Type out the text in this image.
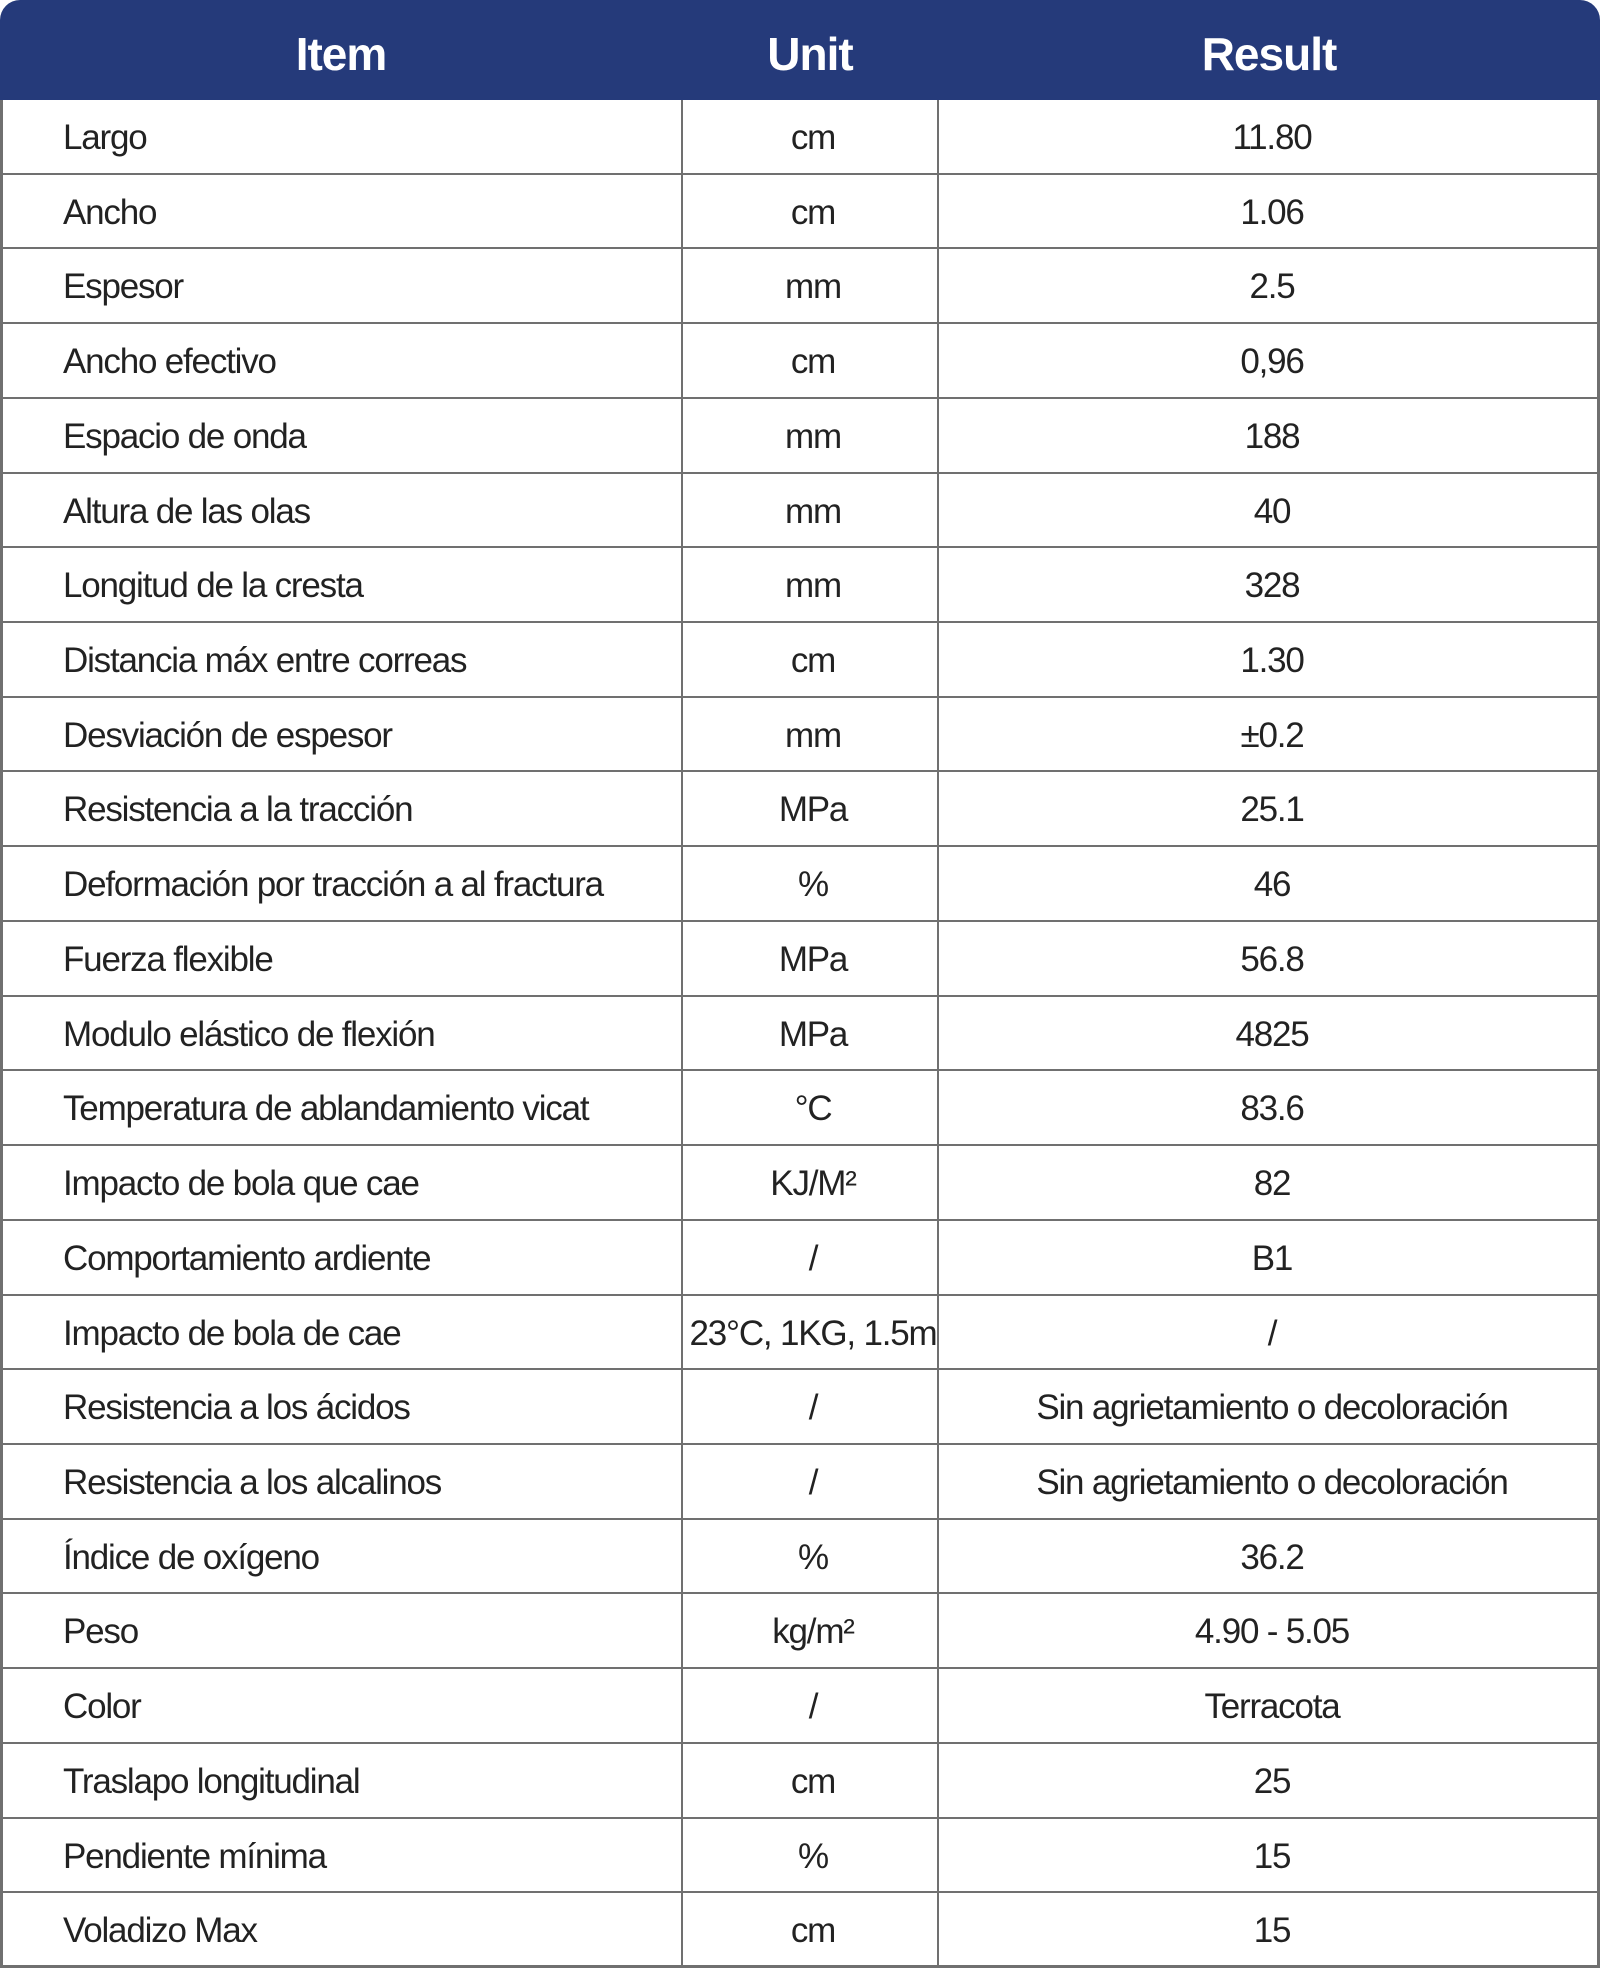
Item	Unit	Result
Largo	cm	11.80
Ancho	cm	1.06
Espesor	mm	2.5
Ancho efectivo	cm	0,96
Espacio de onda	mm	188
Altura de las olas	mm	40
Longitud de la cresta	mm	328
Distancia máx entre correas	cm	1.30
Desviación de espesor	mm	±0.2
Resistencia a la tracción	MPa	25.1
Deformación por tracción a al fractura	%	46
Fuerza flexible	MPa	56.8
Modulo elástico de flexión	MPa	4825
Temperatura de ablandamiento vicat	°C	83.6
Impacto de bola que cae	KJ/M²	82
Comportamiento ardiente	/	B1
Impacto de bola de cae	23°C, 1KG, 1.5m	/
Resistencia a los ácidos	/	Sin agrietamiento o decoloración
Resistencia a los alcalinos	/	Sin agrietamiento o decoloración
Índice de oxígeno	%	36.2
Peso	kg/m²	4.90 - 5.05
Color	/	Terracota
Traslapo longitudinal	cm	25
Pendiente mínima	%	15
Voladizo Max	cm	15
